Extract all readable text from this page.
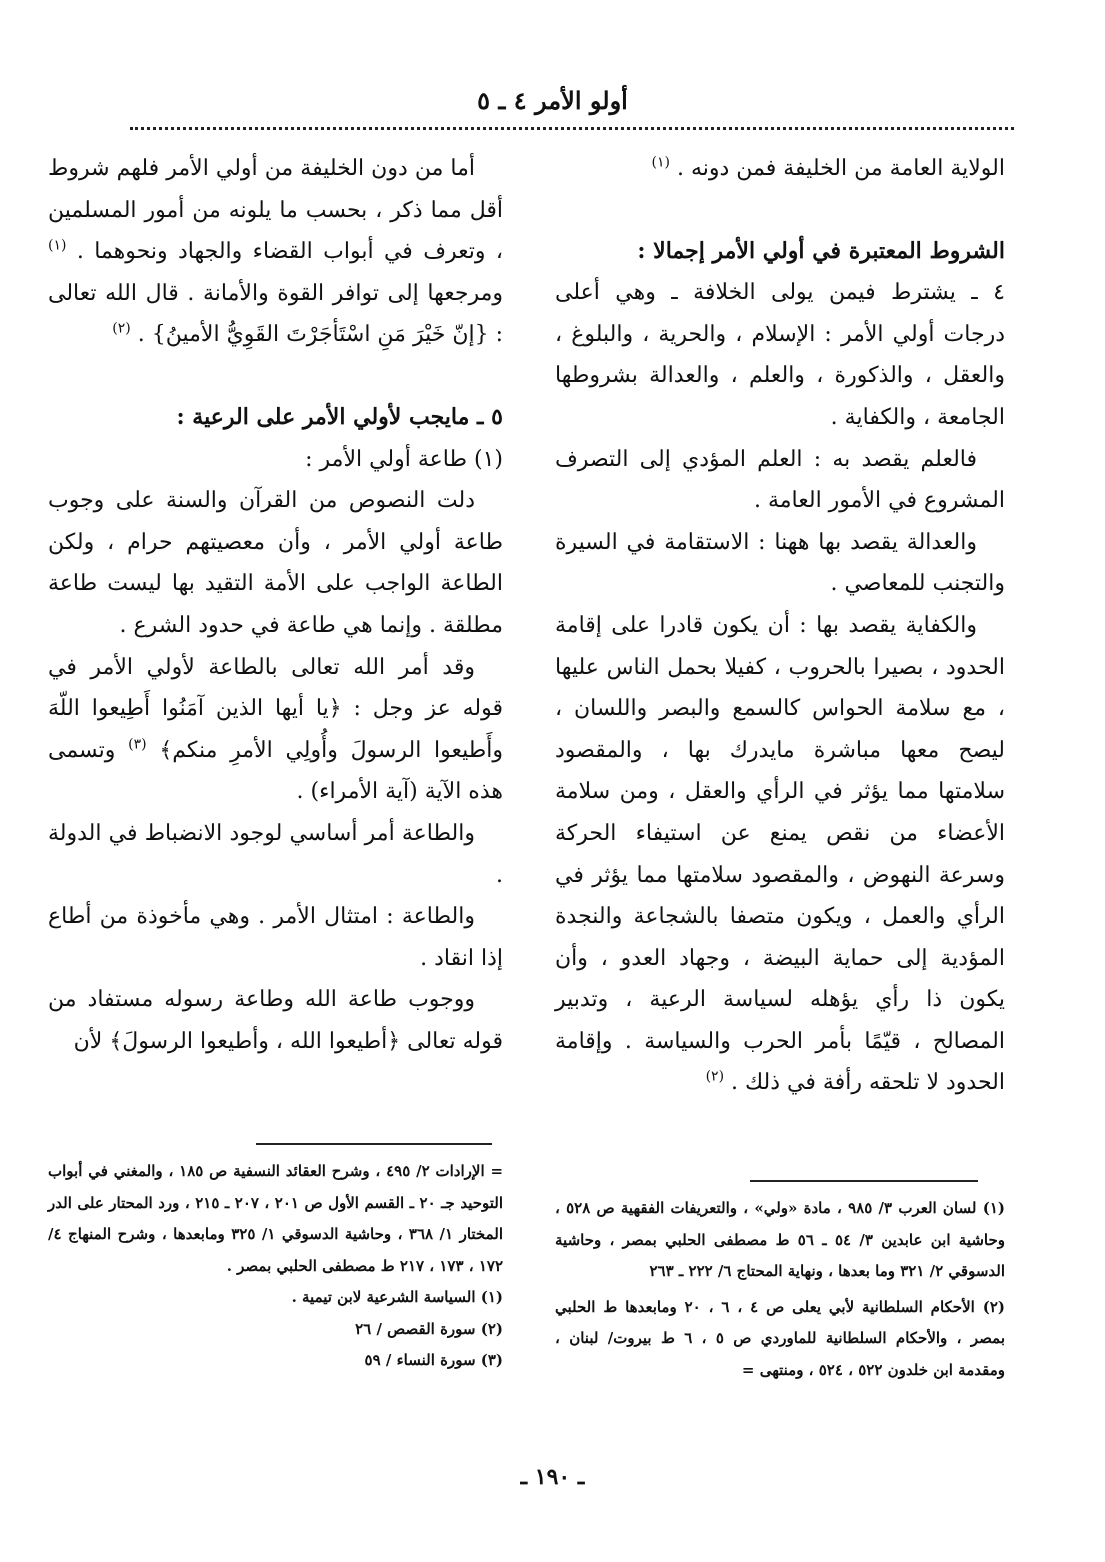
أولو الأمر ٤ ـ ٥

الولاية العامة من الخليفة فمن دونه . $^{(١)}$

الشروط المعتبرة في أولي الأمر إجمالا :

٤ ـ يشترط فيمن يولى الخلافة ـ وهي أعلى درجات أولي الأمر : الإسلام ، والحرية ، والبلوغ ، والعقل ، والذكورة ، والعلم ، والعدالة بشروطها الجامعة ، والكفاية .

فالعلم يقصد به : العلم المؤدي إلى التصرف المشروع في الأمور العامة .

والعدالة يقصد بها ههنا : الاستقامة في السيرة والتجنب للمعاصي .

والكفاية يقصد بها : أن يكون قادرا على إقامة الحدود ، بصيرا بالحروب ، كفيلا بحمل الناس عليها ، مع سلامة الحواس كالسمع والبصر واللسان ، ليصح معها مباشرة مايدرك بها ، والمقصود سلامتها مما يؤثر في الرأي والعقل ، ومن سلامة الأعضاء من نقص يمنع عن استيفاء الحركة وسرعة النهوض ، والمقصود سلامتها مما يؤثر في الرأي والعمل ، ويكون متصفا بالشجاعة والنجدة المؤدية إلى حماية البيضة ، وجهاد العدو ، وأن يكون ذا رأي يؤهله لسياسة الرعية ، وتدبير المصالح ، قيّمًا بأمر الحرب والسياسة . وإقامة الحدود لا تلحقه رأفة في ذلك . $^{(٢)}$

أما من دون الخليفة من أولي الأمر فلهم شروط أقل مما ذكر ، بحسب ما يلونه من أمور المسلمين ، وتعرف في أبواب القضاء والجهاد ونحوهما . $^{(١)}$ ومرجعها إلى توافر القوة والأمانة . قال الله تعالى : {إنّ خَيْرَ مَنِ اسْتَأجَرْتَ القَوِيُّ الأمينُ} . $^{(٢)}$

٥ ـ مايجب لأولي الأمر على الرعية :

(١) طاعة أولي الأمر :

دلت النصوص من القرآن والسنة على وجوب طاعة أولي الأمر ، وأن معصيتهم حرام ، ولكن الطاعة الواجب على الأمة التقيد بها ليست طاعة مطلقة . وإنما هي طاعة في حدود الشرع .

وقد أمر الله تعالى بالطاعة لأولي الأمر في قوله عز وجل : ﴿يا أيها الذين آمَنُوا أَطِيعوا اللّهَ وأَطيعوا الرسولَ وأُولِي الأمرِ منكم﴾ $^{(٣)}$ وتسمى هذه الآية (آية الأمراء) .

والطاعة أمر أساسي لوجود الانضباط في الدولة .

والطاعة : امتثال الأمر . وهي مأخوذة من أطاع إذا انقاد .

ووجوب طاعة الله وطاعة رسوله مستفاد من قوله تعالى ﴿أطيعوا الله ، وأطيعوا الرسولَ﴾ لأن

(١) لسان العرب ٣/ ٩٨٥ ، مادة «ولي» ، والتعريفات الفقهية ص ٥٢٨ ، وحاشية ابن عابدين ٣/ ٥٤ ـ ٥٦ ط مصطفى الحلبي بمصر ، وحاشية الدسوقي ٢/ ٣٢١ وما بعدها ، ونهاية المحتاج ٦/ ٢٢٢ ـ ٢٦٣

(٢) الأحكام السلطانية لأبي يعلى ص ٤ ، ٦ ، ٢٠ ومابعدها ط الحلبي بمصر ، والأحكام السلطانية للماوردي ص ٥ ، ٦ ط بيروت/ لبنان ، ومقدمة ابن خلدون ٥٢٢ ، ٥٢٤ ، ومنتهى =

= الإرادات ٢/ ٤٩٥ ، وشرح العقائد النسفية ص ١٨٥ ، والمغني في أبواب التوحيد جـ ٢٠ ـ القسم الأول ص ٢٠١ ، ٢٠٧ ـ ٢١٥ ، ورد المحتار على الدر المختار ١/ ٣٦٨ ، وحاشية الدسوقي ١/ ٣٢٥ ومابعدها ، وشرح المنهاج ٤/ ١٧٢ ، ١٧٣ ، ٢١٧ ط مصطفى الحلبي بمصر .

(١) السياسة الشرعية لابن تيمية .

(٢) سورة القصص / ٢٦

(٣) سورة النساء / ٥٩

ـ ١٩٠ ـ
